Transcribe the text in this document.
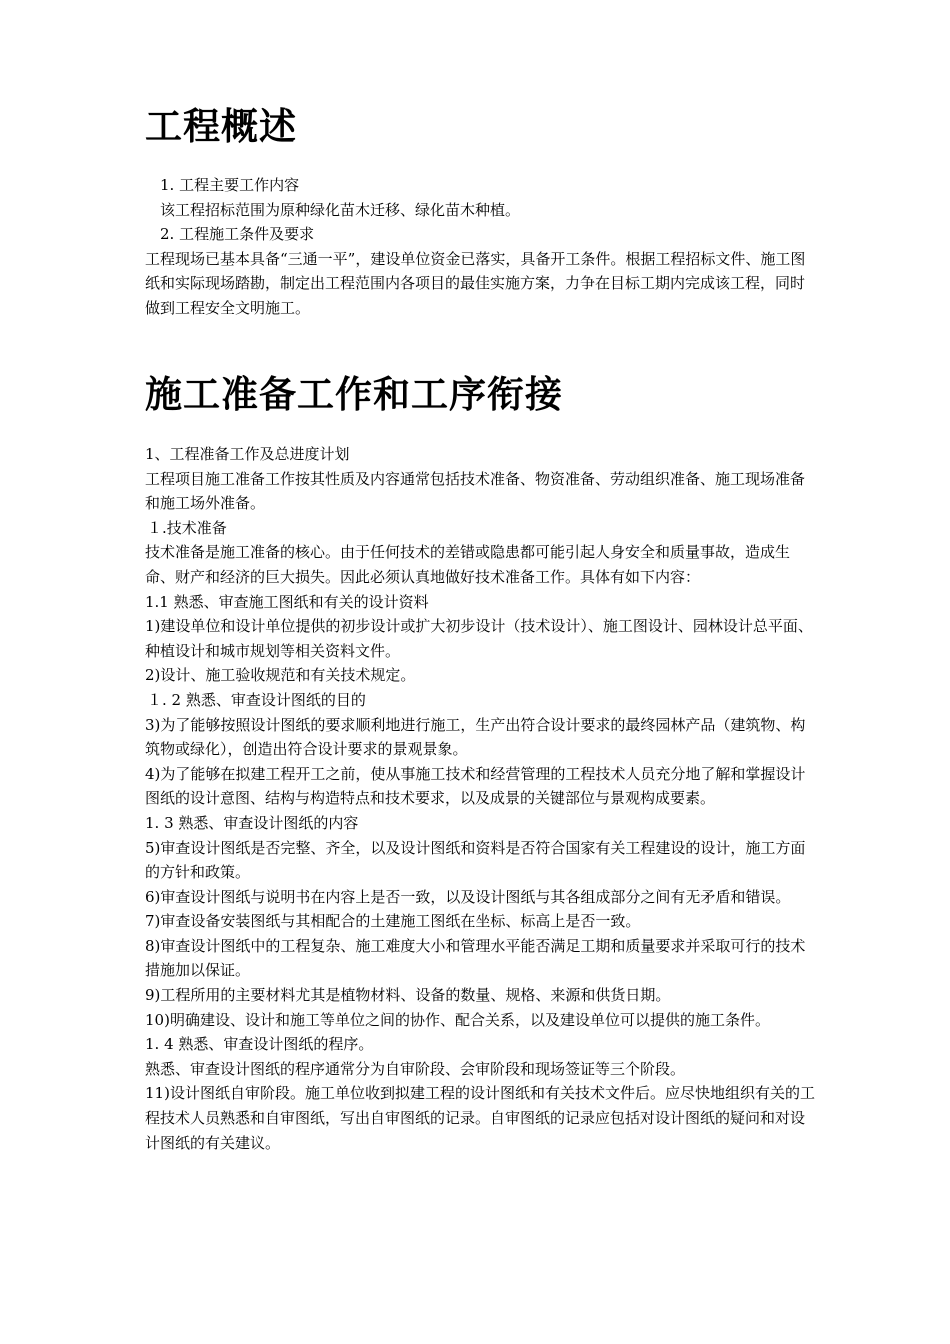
工程概述

1. 工程主要工作内容

该工程招标范围为原种绿化苗木迁移、绿化苗木种植。

2. 工程施工条件及要求

工程现场已基本具备“三通一平”，建设单位资金已落实，具备开工条件。根据工程招标文件、施工图纸和实际现场踏勘，制定出工程范围内各项目的最佳实施方案，力争在目标工期内完成该工程，同时做到工程安全文明施工。

施工准备工作和工序衔接

1、工程准备工作及总进度计划

工程项目施工准备工作按其性质及内容通常包括技术准备、物资准备、劳动组织准备、施工现场准备和施工场外准备。

１.技术准备

技术准备是施工准备的核心。由于任何技术的差错或隐患都可能引起人身安全和质量事故，造成生命、财产和经济的巨大损失。因此必须认真地做好技术准备工作。具体有如下内容：

1.1 熟悉、审查施工图纸和有关的设计资料

1)建设单位和设计单位提供的初步设计或扩大初步设计（技术设计）、施工图设计、园林设计总平面、种植设计和城市规划等相关资料文件。

2)设计、施工验收规范和有关技术规定。

１. 2 熟悉、审查设计图纸的目的

3)为了能够按照设计图纸的要求顺利地进行施工，生产出符合设计要求的最终园林产品（建筑物、构筑物或绿化），创造出符合设计要求的景观景象。

4)为了能够在拟建工程开工之前，使从事施工技术和经营管理的工程技术人员充分地了解和掌握设计图纸的设计意图、结构与构造特点和技术要求，以及成景的关键部位与景观构成要素。

1. 3 熟悉、审查设计图纸的内容

5)审查设计图纸是否完整、齐全，以及设计图纸和资料是否符合国家有关工程建设的设计，施工方面的方针和政策。

6)审查设计图纸与说明书在内容上是否一致，以及设计图纸与其各组成部分之间有无矛盾和错误。

7)审查设备安装图纸与其相配合的土建施工图纸在坐标、标高上是否一致。

8)审查设计图纸中的工程复杂、施工难度大小和管理水平能否满足工期和质量要求并采取可行的技术措施加以保证。

9)工程所用的主要材料尤其是植物材料、设备的数量、规格、来源和供货日期。

10)明确建设、设计和施工等单位之间的协作、配合关系，以及建设单位可以提供的施工条件。

1. 4 熟悉、审查设计图纸的程序。

熟悉、审查设计图纸的程序通常分为自审阶段、会审阶段和现场签证等三个阶段。

11)设计图纸自审阶段。施工单位收到拟建工程的设计图纸和有关技术文件后。应尽快地组织有关的工程技术人员熟悉和自审图纸，写出自审图纸的记录。自审图纸的记录应包括对设计图纸的疑问和对设计图纸的有关建议。
